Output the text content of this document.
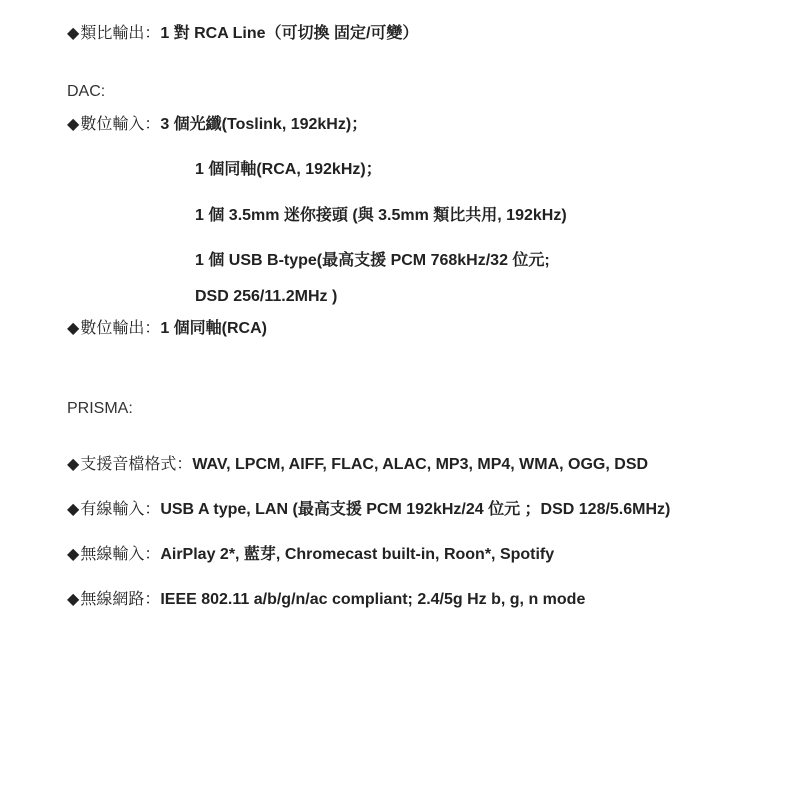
◆類比輸出：1 對 RCA Line（可切換 固定/可變）
DAC:
◆數位輸入：3 個光纖(Toslink, 192kHz)；
1 個同軸(RCA, 192kHz)；
1 個 3.5mm 迷你接頭 (與 3.5mm 類比共用, 192kHz)
1 個 USB B-type(最高支援 PCM 768kHz/32 位元;
DSD 256/11.2MHz )
◆數位輸出：1 個同軸(RCA)
PRISMA:
◆支援音檔格式：WAV, LPCM, AIFF, FLAC, ALAC, MP3, MP4, WMA, OGG, DSD
◆有線輸入：USB A type, LAN (最高支援 PCM 192kHz/24 位元 ；DSD 128/5.6MHz)
◆無線輸入：AirPlay 2*, 藍芽, Chromecast built-in, Roon*, Spotify
◆無線網路：IEEE 802.11 a/b/g/n/ac compliant; 2.4/5g Hz b, g, n mode
